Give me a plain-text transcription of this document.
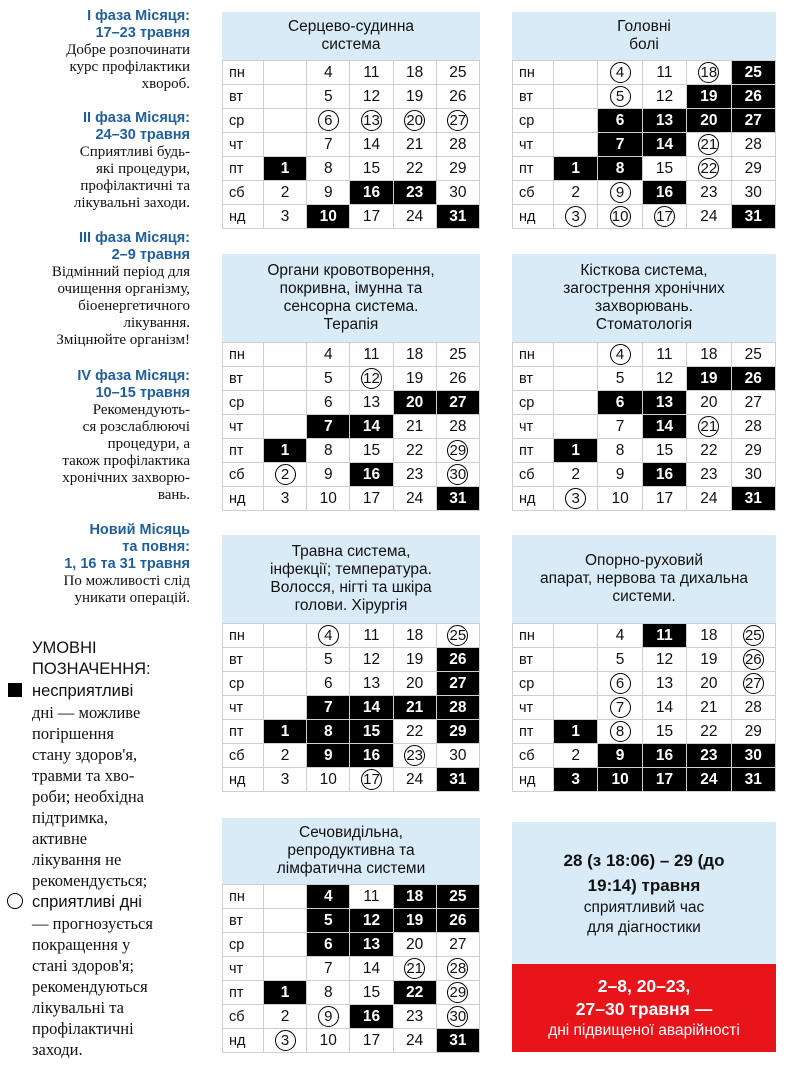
I фаза Місяця:
17–23 травня
Добре розпочинати
курс профілактики
хвороб.
II фаза Місяця:
24–30 травня
Сприятливі будь-
які процедури,
профілактичні та
лікувальні заходи.
III фаза Місяця:
2–9 травня
Відмінний період для
очищення організму,
біоенергетичного
лікування.
Зміцнюйте організм!
IV фаза Місяця:
10–15 травня
Рекомендують-
ся розслаблюючі
процедури, а
також профілактика
хронічних захворю-
вань.
Новий Місяць
та повня:
1, 16 та 31 травня
По можливості слід
уникати операцій.
УМОВНІ
ПОЗНАЧЕННЯ:
несприятливі
дні — можливе
погіршення
стану здоров'я,
травми та хво-
роби; необхідна
підтримка,
активне
лікування не
рекомендується;
сприятливі дні
— прогнозується
покращення у
стані здоров'я;
рекомендуються
лікувальні та
профілактичні
заходи.
Серцево-судинна
система
пн		4	11	18	25
вт		5	12	19	26
ср		6	13	20	27
чт		7	14	21	28
пт	1	8	15	22	29
сб	2	9	16	23	30
нд	3	10	17	24	31
Головні
болі
пн		4	11	18	25
вт		5	12	19	26
ср		6	13	20	27
чт		7	14	21	28
пт	1	8	15	22	29
сб	2	9	16	23	30
нд	3	10	17	24	31
Органи кровотворення,
покривна, імунна та
сенсорна система.
Терапія
пн		4	11	18	25
вт		5	12	19	26
ср		6	13	20	27
чт		7	14	21	28
пт	1	8	15	22	29
сб	2	9	16	23	30
нд	3	10	17	24	31
Кісткова система,
загострення хронічних
захворювань.
Стоматологія
пн		4	11	18	25
вт		5	12	19	26
ср		6	13	20	27
чт		7	14	21	28
пт	1	8	15	22	29
сб	2	9	16	23	30
нд	3	10	17	24	31
Травна система,
інфекції; температура.
Волосся, нігті та шкіра
голови. Хірургія
пн		4	11	18	25
вт		5	12	19	26
ср		6	13	20	27
чт		7	14	21	28
пт	1	8	15	22	29
сб	2	9	16	23	30
нд	3	10	17	24	31
Опорно-руховий
апарат, нервова та дихальна
системи.
пн		4	11	18	25
вт		5	12	19	26
ср		6	13	20	27
чт		7	14	21	28
пт	1	8	15	22	29
сб	2	9	16	23	30
нд	3	10	17	24	31
Сечовидільна,
репродуктивна та
лімфатична системи
пн		4	11	18	25
вт		5	12	19	26
ср		6	13	20	27
чт		7	14	21	28
пт	1	8	15	22	29
сб	2	9	16	23	30
нд	3	10	17	24	31
28 (з 18:06) – 29 (до
19:14) травня
сприятливий час
для діагностики
2–8, 20–23,
27–30 травня —
дні підвищеної аварійності
